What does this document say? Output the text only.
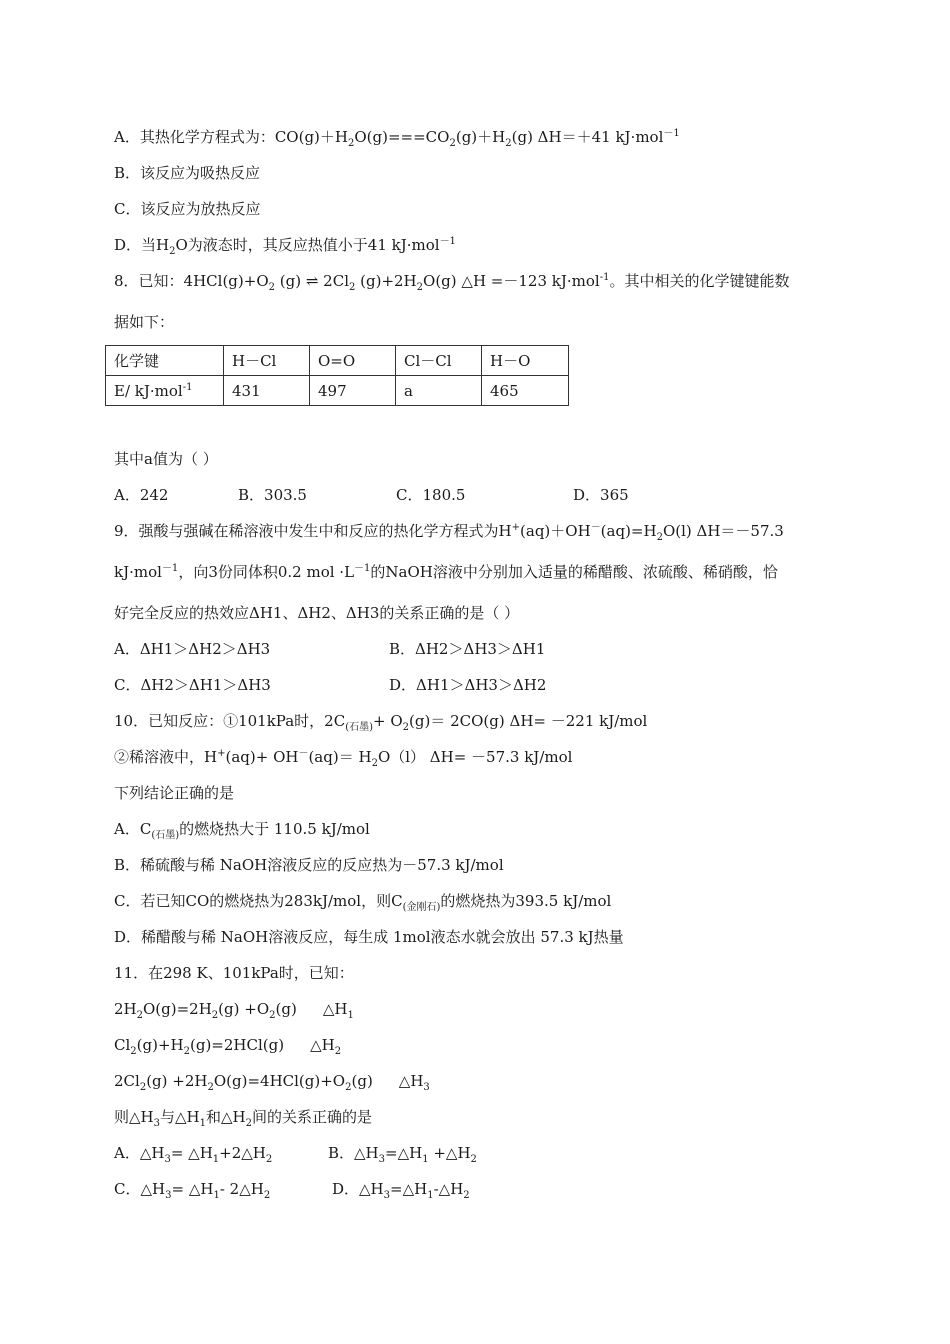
A．其热化学方程式为：$CO(g)+H_2O(g)===CO_2(g)+H_2(g)$ ΔH＝＋41 kJ·mol$^{-1}$
B．该反应为吸热反应
C．该反应为放热反应
D．当$H_2O$为液态时，其反应热值小于41 kJ·mol$^{-1}$
8．已知：$4HCl(g)+O_2$ (g) ⇌ $2Cl_2$ $(g)+2H_2O(g)$ △H =－123 kJ·mol$^{-1}$。其中相关的化学键键能数
据如下：
化学键	H－Cl	O=O	Cl－Cl	H－O
E/ kJ·mol$^{-1}$	431	497	a	465
其中a值为（ ）
A．242	B．303.5	C．180.5	D．365
9．强酸与强碱在稀溶液中发生中和反应的热化学方程式为$H^+(aq)+OH^-(aq)=H_2O(l)$ ΔH＝－57.3
kJ·mol$^{-1}$，向3份同体积0.2 mol $\cdot L^{-1}$的NaOH溶液中分别加入适量的稀醋酸、浓硫酸、稀硝酸，恰
好完全反应的热效应ΔH1、ΔH2、ΔH3的关系正确的是（ ）
A．ΔH1＞ΔH2＞ΔH3	B．ΔH2＞ΔH3＞ΔH1
C．ΔH2＞ΔH1＞ΔH3	D．ΔH1＞ΔH3＞ΔH2
10．已知反应：①101kPa时，$2C_{(石墨)}+ O_2(g)= 2CO(g)$ ΔH= －221 kJ/mol
②稀溶液中，$H^+(aq)+ OH^-(aq)= H_2O(l)$ ΔH= －57.3 kJ/mol
下列结论正确的是
A．$C_{(石墨)}$的燃烧热大于 110.5 kJ/mol
B．稀硫酸与稀 NaOH溶液反应的反应热为－57.3 kJ/mol
C．若已知CO的燃烧热为283kJ/mol，则$C_{(金刚石)}$的燃烧热为393.5 kJ/mol
D．稀醋酸与稀 NaOH溶液反应，每生成 1mol液态水就会放出 57.3 kJ热量
11．在298 K、101kPa时，已知：
$2H_2O(g)=2H_2(g) +O_2(g)$ $\triangle H_1$
$Cl_2(g)+H_2(g)=2HCl(g)$ $\triangle H_2$
$2Cl_2(g) +2H_2O(g)=4HCl(g)+O_2(g)$ $\triangle H_3$
则$\triangle H_3$与$\triangle H_1$和$\triangle H_2$间的关系正确的是
A．$\triangle H_3=$ $\triangle H_1+2\triangle H_2$	B．$\triangle H_3=\triangle H_1$ $+\triangle H_2$
C．$\triangle H_3=$ $\triangle H_1-$ $2\triangle H_2$	D．$\triangle H_3=\triangle H_1-\triangle H_2$
